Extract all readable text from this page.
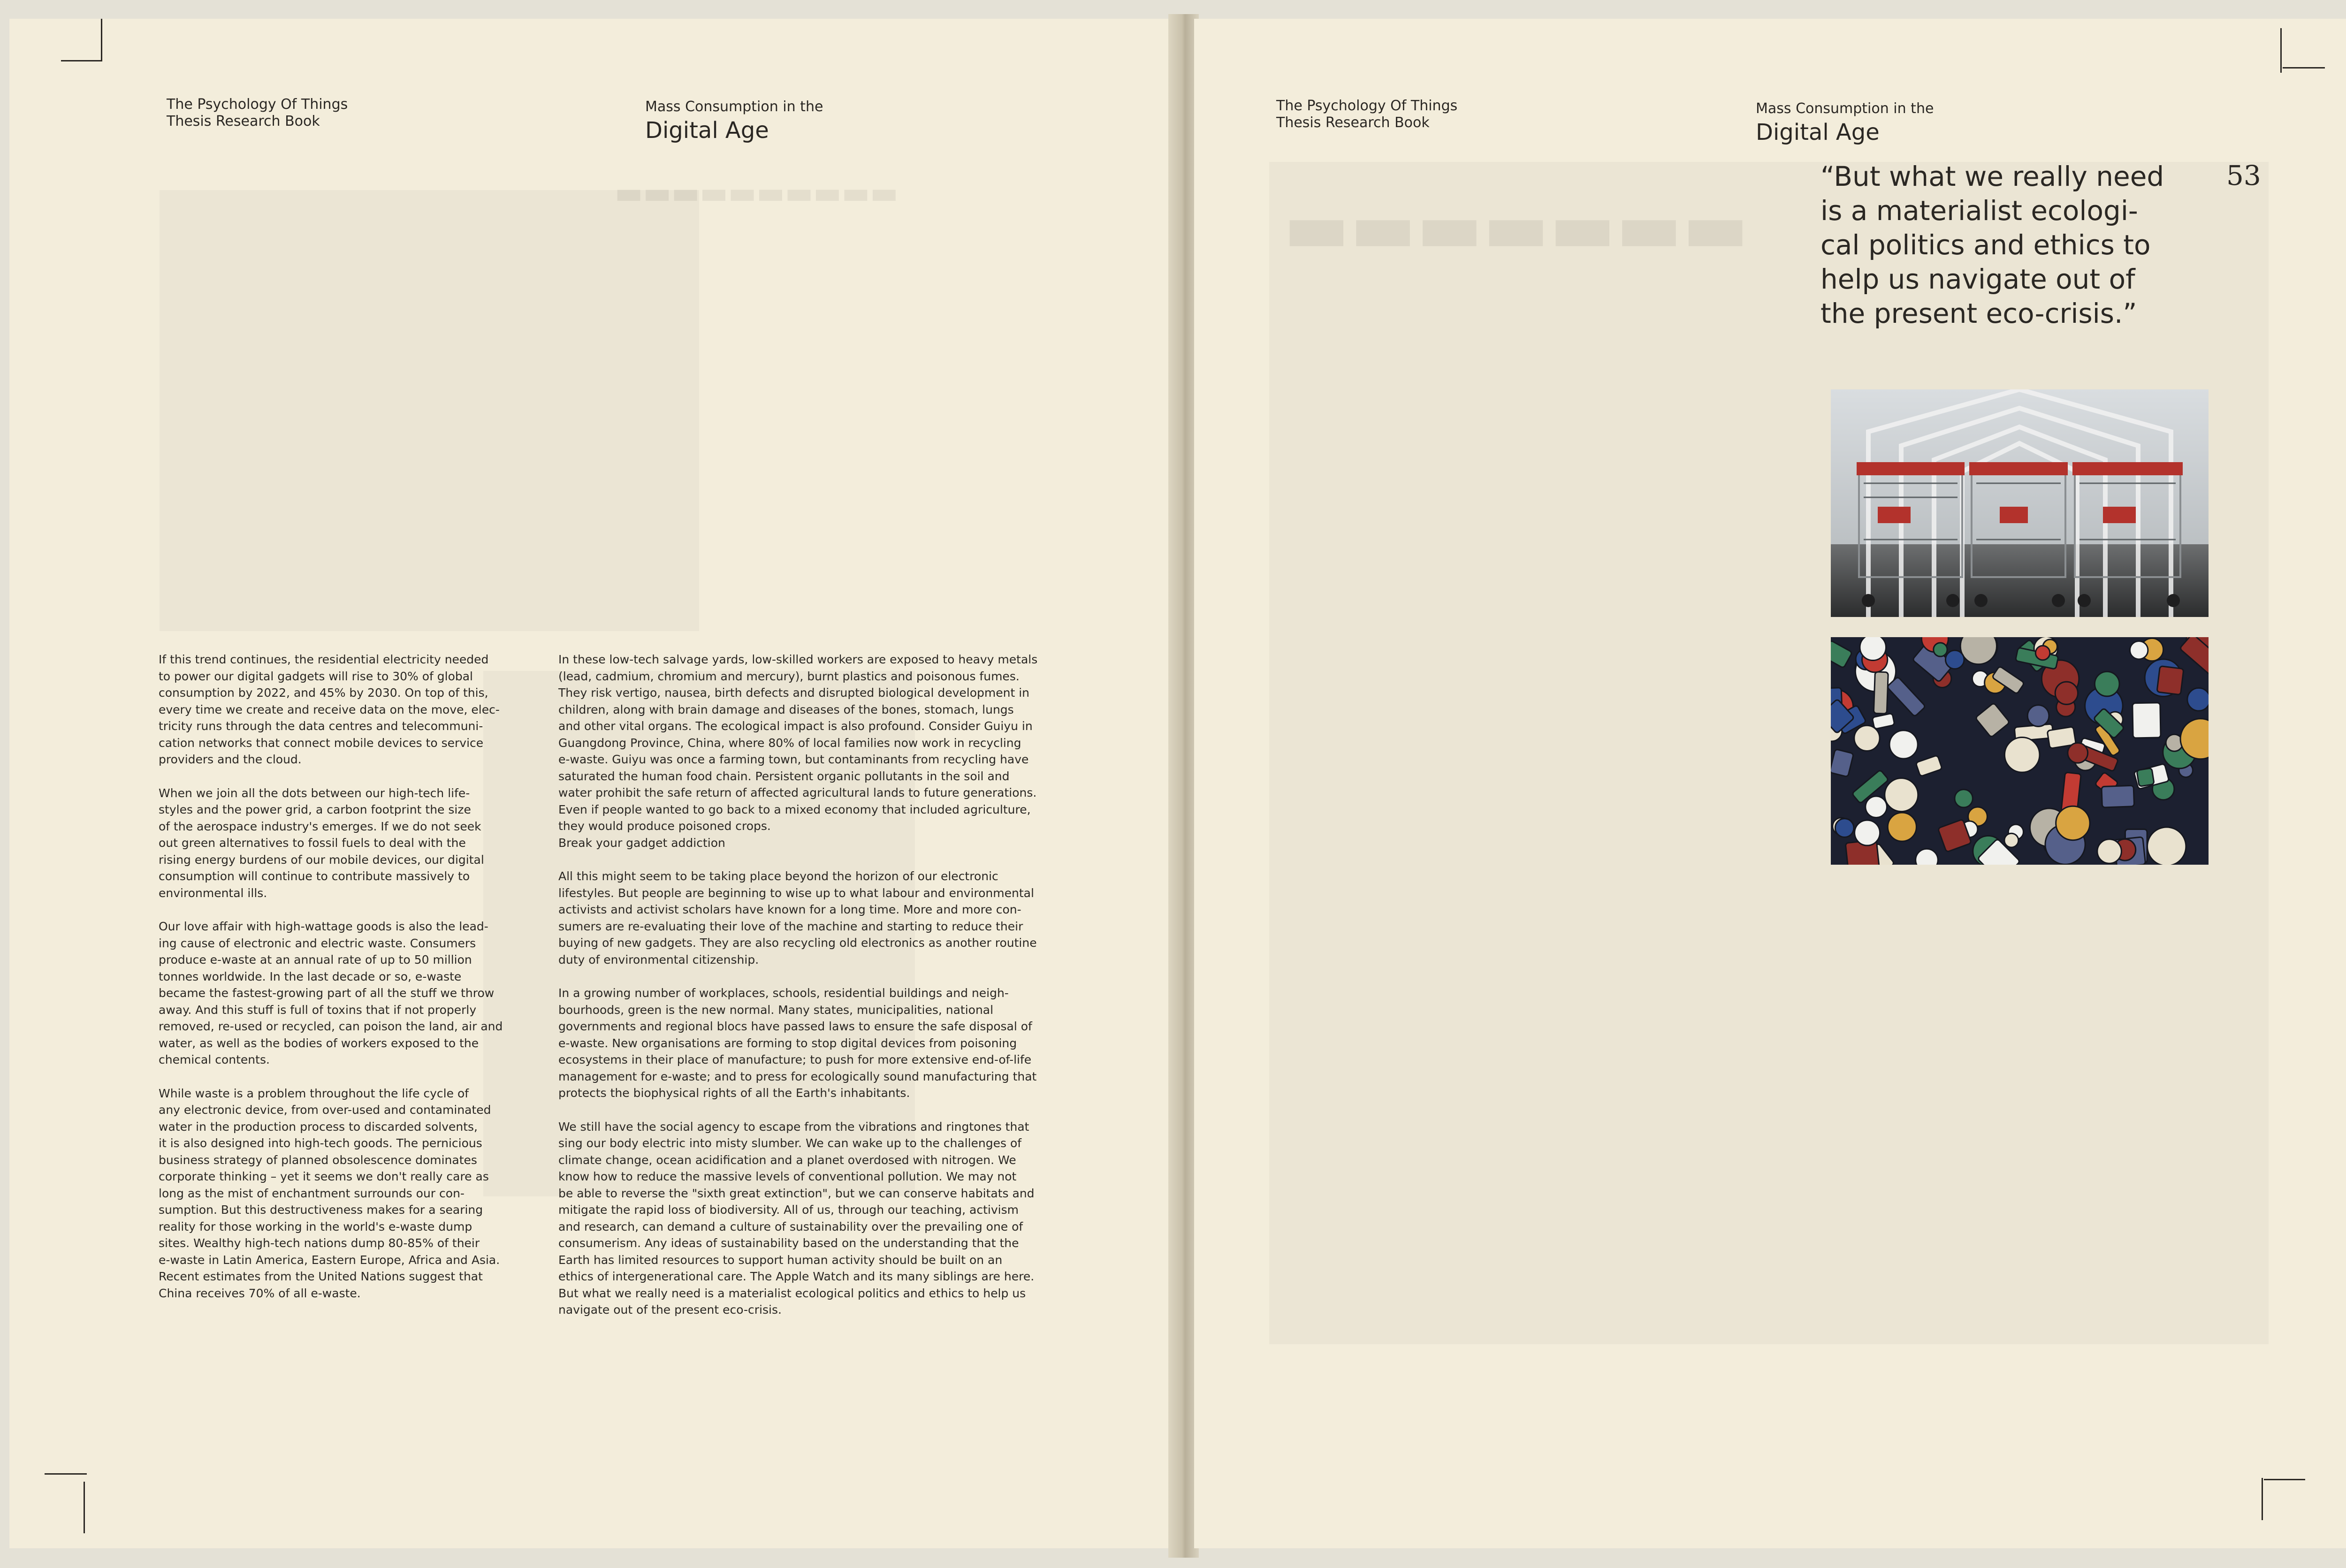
▬▬▬▬▬▬▬▬▬▬
The Psychology Of Things
Thesis Research Book
Mass Consumption in the
Digital Age

If this trend continues, the residential electricity needed
to power our digital gadgets will rise to 30% of global
consumption by 2022, and 45% by 2030. On top of this,
every time we create and receive data on the move, elec-
tricity runs through the data centres and telecommuni-
cation networks that connect mobile devices to service
providers and the cloud.

When we join all the dots between our high-tech life-
styles and the power grid, a carbon footprint the size
of the aerospace industry's emerges. If we do not seek
out green alternatives to fossil fuels to deal with the
rising energy burdens of our mobile devices, our digital
consumption will continue to contribute massively to
environmental ills.

Our love affair with high-wattage goods is also the lead-
ing cause of electronic and electric waste. Consumers
produce e-waste at an annual rate of up to 50 million
tonnes worldwide. In the last decade or so, e-waste
became the fastest-growing part of all the stuff we throw
away. And this stuff is full of toxins that if not properly
removed, re-used or recycled, can poison the land, air and
water, as well as the bodies of workers exposed to the
chemical contents.

While waste is a problem throughout the life cycle of
any electronic device, from over-used and contaminated
water in the production process to discarded solvents,
it is also designed into high-tech goods. The pernicious
business strategy of planned obsolescence dominates
corporate thinking – yet it seems we don't really care as
long as the mist of enchantment surrounds our con-
sumption. But this destructiveness makes for a searing
reality for those working in the world's e-waste dump
sites. Wealthy high-tech nations dump 80-85% of their
e-waste in Latin America, Eastern Europe, Africa and Asia.
Recent estimates from the United Nations suggest that
China receives 70% of all e-waste.

In these low-tech salvage yards, low-skilled workers are exposed to heavy metals
(lead, cadmium, chromium and mercury), burnt plastics and poisonous fumes.
They risk vertigo, nausea, birth defects and disrupted biological development in
children, along with brain damage and diseases of the bones, stomach, lungs
and other vital organs. The ecological impact is also profound. Consider Guiyu in
Guangdong Province, China, where 80% of local families now work in recycling
e-waste. Guiyu was once a farming town, but contaminants from recycling have
saturated the human food chain. Persistent organic pollutants in the soil and
water prohibit the safe return of affected agricultural lands to future generations.
Even if people wanted to go back to a mixed economy that included agriculture,
they would produce poisoned crops.

Break your gadget addiction

All this might seem to be taking place beyond the horizon of our electronic
lifestyles. But people are beginning to wise up to what labour and environmental
activists and activist scholars have known for a long time. More and more con-
sumers are re-evaluating their love of the machine and starting to reduce their
buying of new gadgets. They are also recycling old electronics as another routine
duty of environmental citizenship.

In a growing number of workplaces, schools, residential buildings and neigh-
bourhoods, green is the new normal. Many states, municipalities, national
governments and regional blocs have passed laws to ensure the safe disposal of
e-waste. New organisations are forming to stop digital devices from poisoning
ecosystems in their place of manufacture; to push for more extensive end-of-life
management for e-waste; and to press for ecologically sound manufacturing that
protects the biophysical rights of all the Earth's inhabitants.

We still have the social agency to escape from the vibrations and ringtones that
sing our body electric into misty slumber. We can wake up to the challenges of
climate change, ocean acidification and a planet overdosed with nitrogen. We
know how to reduce the massive levels of conventional pollution. We may not
be able to reverse the "sixth great extinction", but we can conserve habitats and
mitigate the rapid loss of biodiversity. All of us, through our teaching, activism
and research, can demand a culture of sustainability over the prevailing one of
consumerism. Any ideas of sustainability based on the understanding that the
Earth has limited resources to support human activity should be built on an
ethics of intergenerational care. The Apple Watch and its many siblings are here.
But what we really need is a materialist ecological politics and ethics to help us
navigate out of the present eco-crisis.

▬▬▬▬▬▬▬
The Psychology Of Things
Thesis Research Book
Mass Consumption in the
Digital Age
“But what we really need
is a materialist ecologi-
cal politics and ethics to
help us navigate out of
the present eco-crisis.”
53
